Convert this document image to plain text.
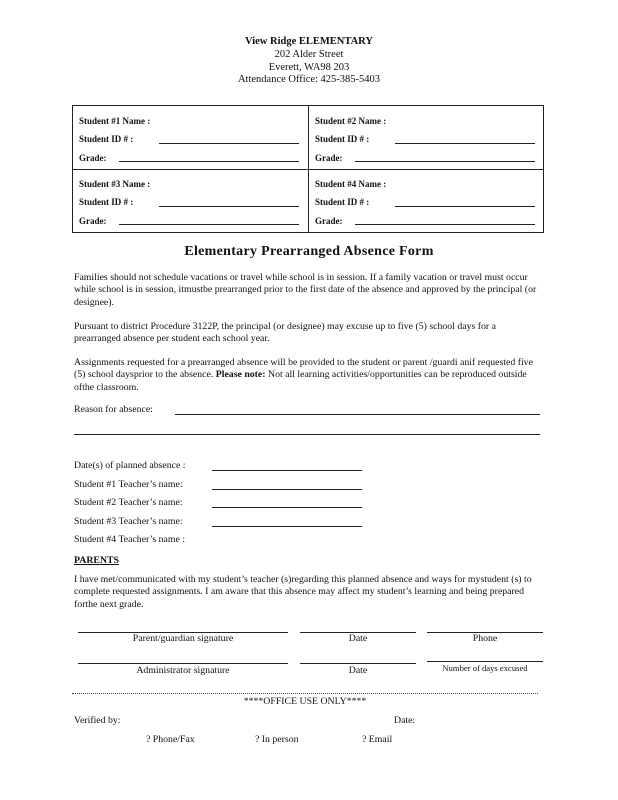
View Ridge ELEMENTARY
202 Alder Street
Everett, WA98 203
Attendance Office: 425-385-5403
Student #1 Name :
Student ID # :
Grade:
Student #2 Name :
Student ID # :
Grade:
Student #3 Name :
Student ID # :
Grade:
Student #4 Name :
Student ID # :
Grade:
Elementary Prearranged Absence Form
Families should not schedule vacations or travel while school is in session. If a family vacation or travel must occur while school is in session, itmustbe prearranged prior to the first date of the absence and approved by the principal (or designee).
Pursuant to district Procedure 3122P, the principal (or designee) may excuse up to five (5) school days for a prearranged absence per student each school year.
Assignments requested for a prearranged absence will be provided to the student or parent /guardi anif requested five (5) school daysprior to the absence. Please note: Not all learning activities/opportunities can be reproduced outside ofthe classroom.
Reason for absence:
Date(s) of planned absence :
Student #1 Teacher’s name:
Student #2 Teacher’s name:
Student #3 Teacher’s name:
Student #4 Teacher’s name :
PARENTS
I have met/communicated with my student’s teacher (s)regarding this planned absence and ways for mystudent (s) to complete requested assignments. I am aware that this absence may affect my student’s learning and being prepared forthe next grade.
Parent/guardian signature	Date	Phone
Administrator signature	Date	Number of days excused
****OFFICE USE ONLY****
Verified by:	Date:
? Phone/Fax	? In person	? Email
